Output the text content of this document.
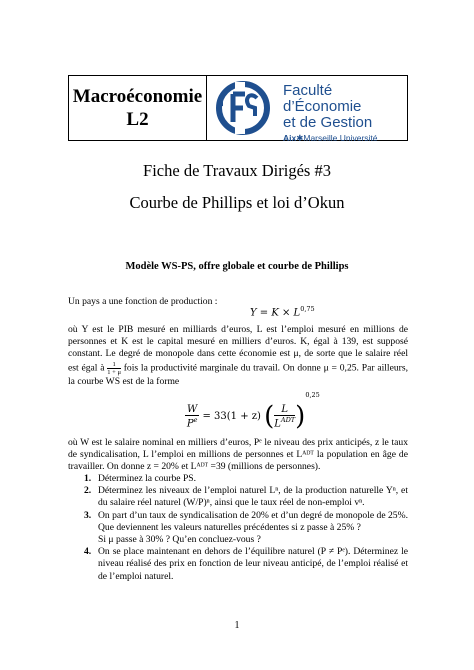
Macroéconomie
L2
Faculté d’Économie
et de Gestion
Aix✱Marseille Université
Fiche de Travaux Dirigés #3
Courbe de Phillips et loi d’Okun
Modèle WS-PS, offre globale et courbe de Phillips
Un pays a une fonction de production :
Y = K × L$^{0,75}$
où Y est le PIB mesuré en milliards d’euros, L est l’emploi mesuré en millions de personnes et K est le capital mesuré en milliers d’euros. K, égal à 139, est supposé constant. Le degré de monopole dans cette économie est μ, de sorte que le salaire réel est égal à $\frac{1}{1 + \mu}$ fois la productivité marginale du travail. On donne μ = 0,25. Par ailleurs, la courbe WS est de la forme
$\frac{W}{P^e} = 33(1 + z)$ ( $\frac{L}{L^{ADT}} )^{0,25}$
où W est le salaire nominal en milliers d’euros, Pᵉ le niveau des prix anticipés, z le taux de syndicalisation, L l’emploi en millions de personnes et Lᴬᴰᵀ la population en âge de travailler. On donne z = 20% et Lᴬᴰᵀ =39 (millions de personnes).
1. Déterminez la courbe PS.
2. Déterminez les niveaux de l’emploi naturel Lⁿ, de la production naturelle Yⁿ, et du salaire réel naturel (W/P)ⁿ, ainsi que le taux réel de non-emploi vⁿ.
3. On part d’un taux de syndicalisation de 20% et d’un degré de monopole de 25%. Que deviennent les valeurs naturelles précédentes si z passe à 25% ?
Si μ passe à 30% ? Qu’en concluez-vous ?
4. On se place maintenant en dehors de l’équilibre naturel (P ≠ Pᵉ). Déterminez le niveau réalisé des prix en fonction de leur niveau anticipé, de l’emploi réalisé et de l’emploi naturel.
1
